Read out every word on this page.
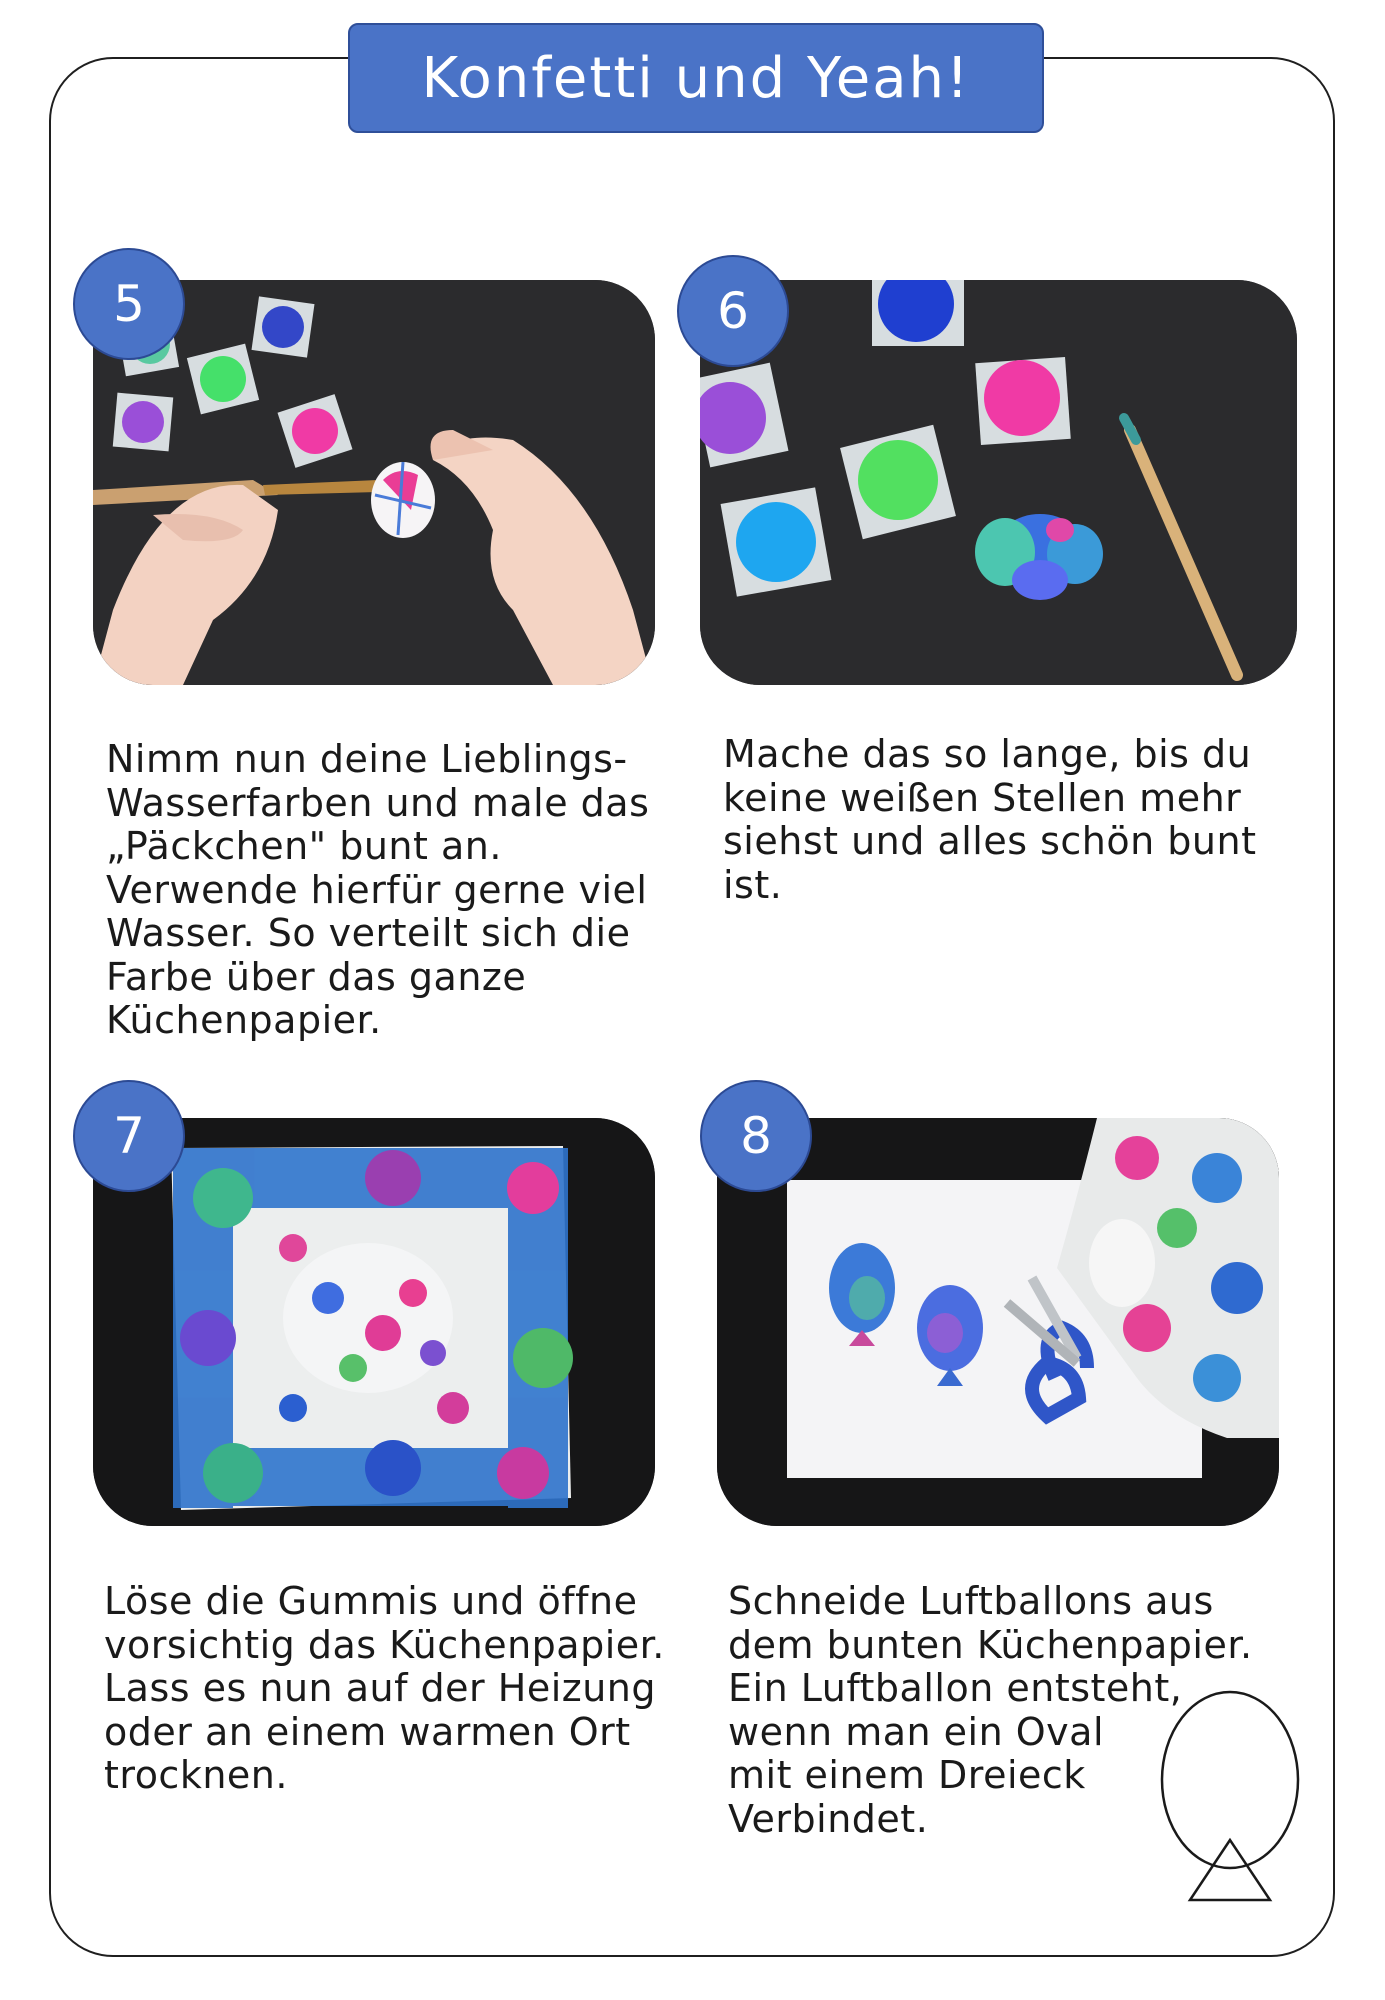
Konfetti und Yeah!
5	6
Nimm nun deine Lieblings-
Wasserfarben und male das
„Päckchen" bunt an.
Verwende hierfür gerne viel
Wasser. So verteilt sich die
Farbe über das ganze
Küchenpapier.
Mache das so lange, bis du
keine weißen Stellen mehr
siehst und alles schön bunt
ist.
7	8
Löse die Gummis und öffne
vorsichtig das Küchenpapier.
Lass es nun auf der Heizung
oder an einem warmen Ort
trocknen.
Schneide Luftballons aus
dem bunten Küchenpapier.
Ein Luftballon entsteht,
wenn man ein Oval
mit einem Dreieck
Verbindet.
